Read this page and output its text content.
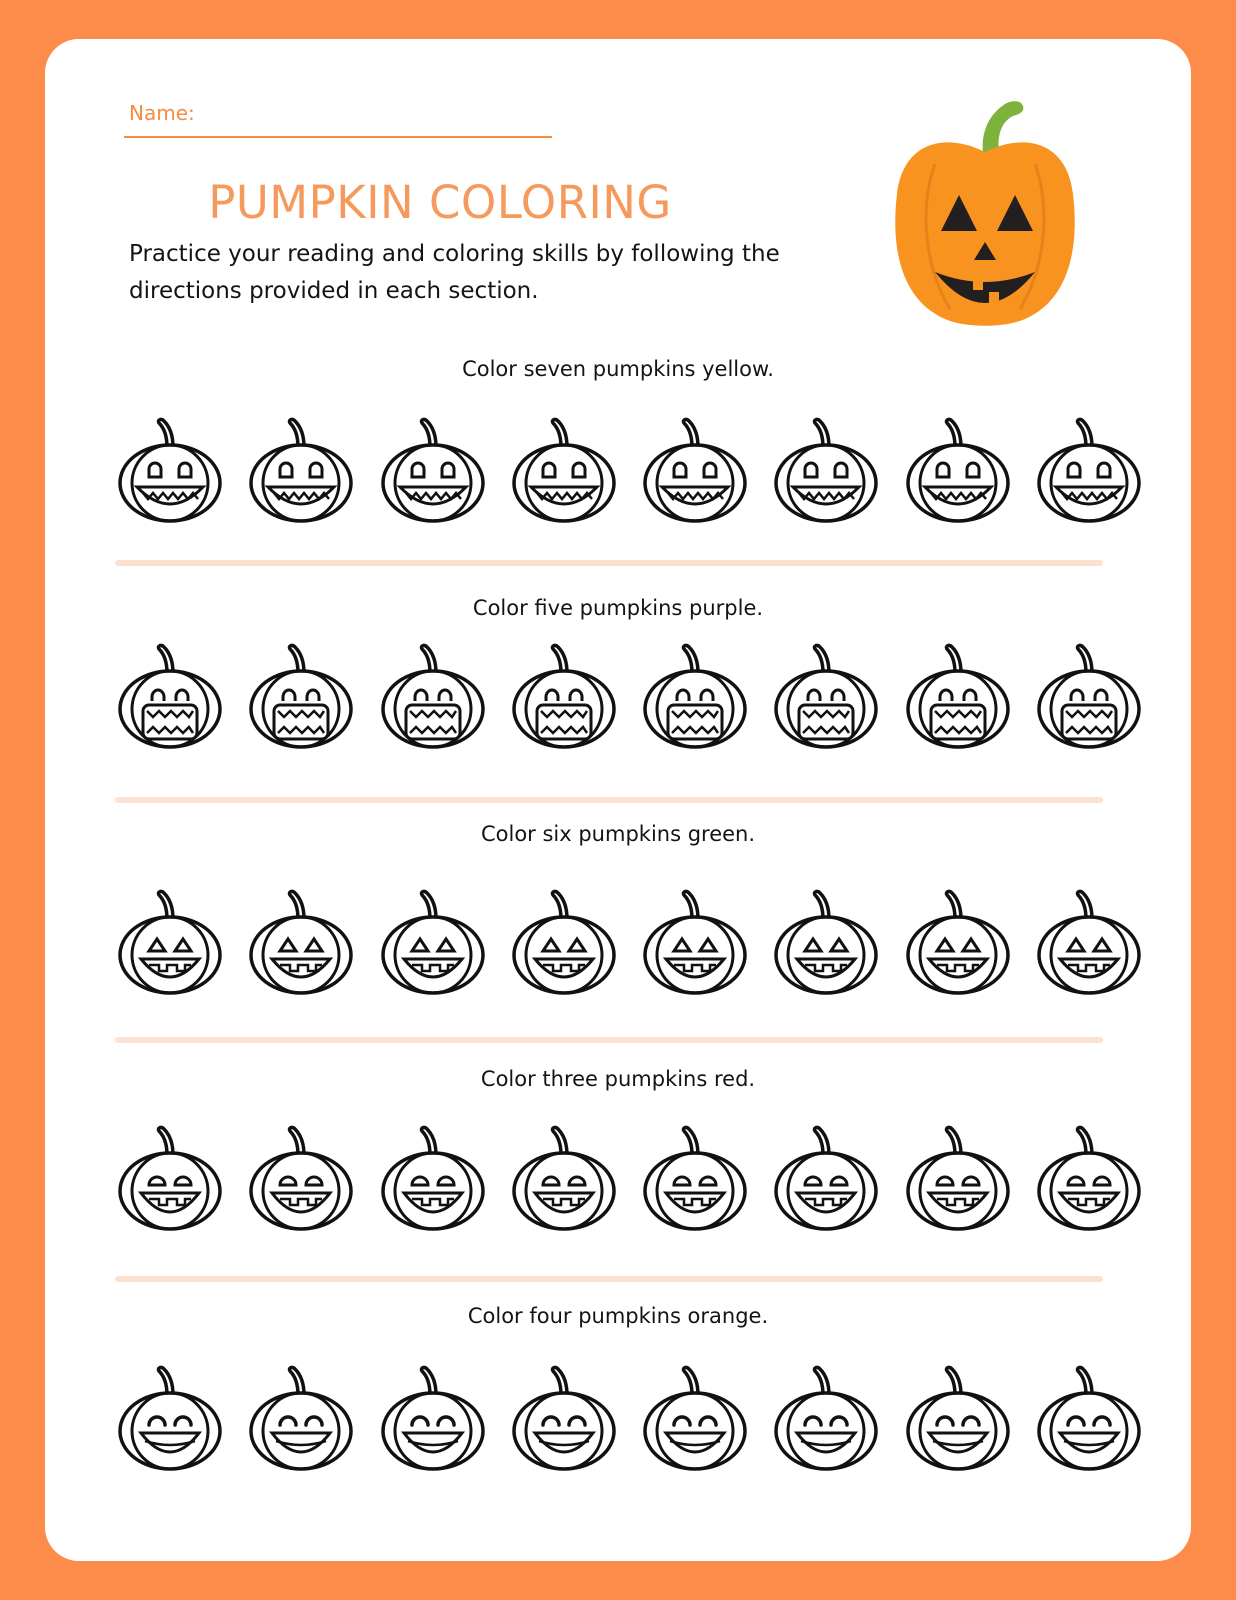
Name:
PUMPKIN COLORING
Practice your reading and coloring skills by following the directions provided in each section.
Color seven pumpkins yellow.
Color five pumpkins purple.
Color six pumpkins green.
Color three pumpkins red.
Color four pumpkins orange.
